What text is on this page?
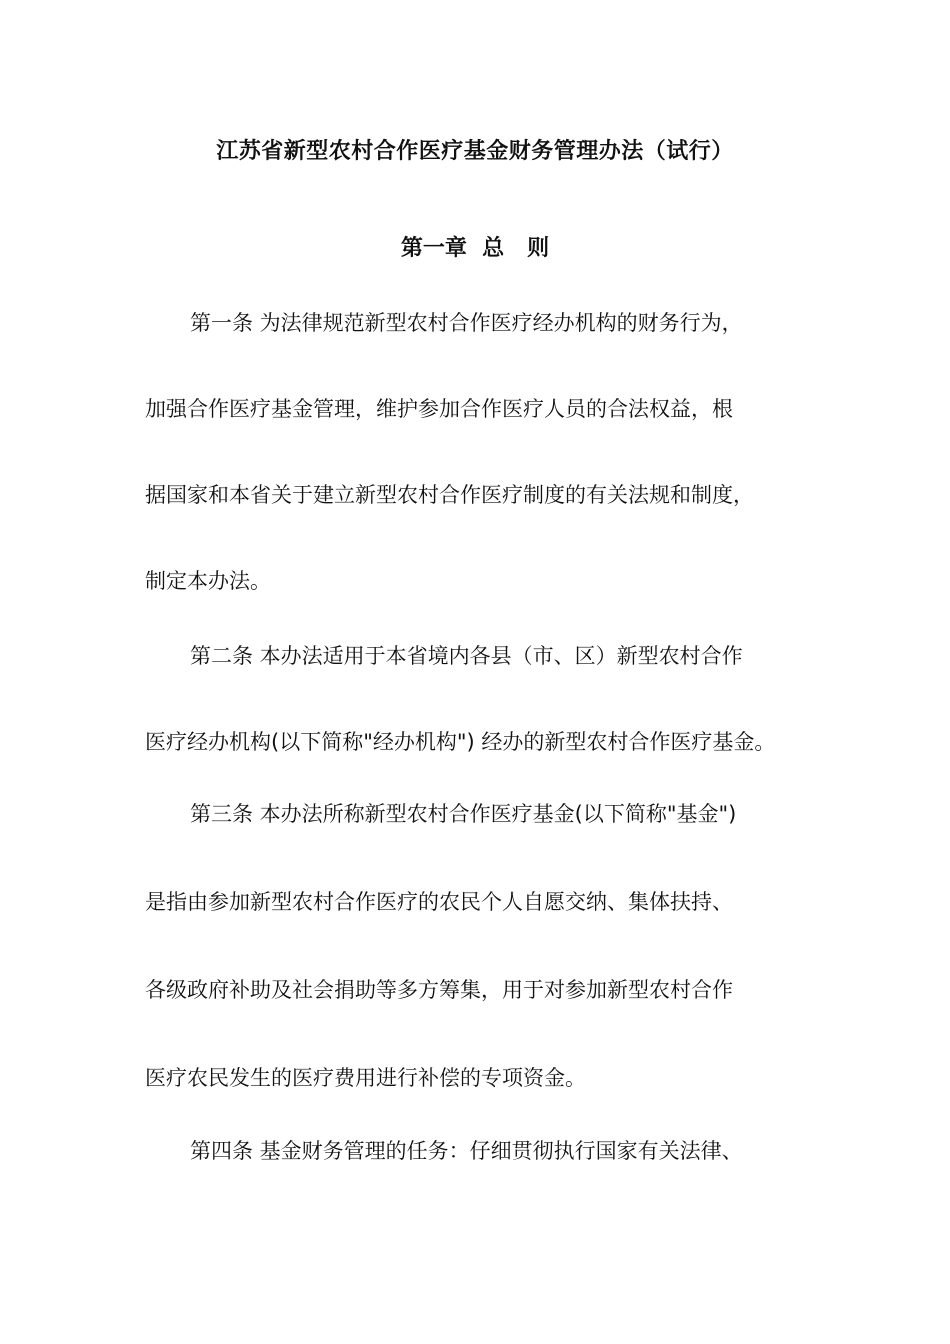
江苏省新型农村合作医疗基金财务管理办法（试行）
第一章  总   则
第一条 为法律规范新型农村合作医疗经办机构的财务行为，
加强合作医疗基金管理，维护参加合作医疗人员的合法权益，根
据国家和本省关于建立新型农村合作医疗制度的有关法规和制度，
制定本办法。
第二条 本办法适用于本省境内各县（市、区）新型农村合作
医疗经办机构(以下简称"经办机构") 经办的新型农村合作医疗基金。
第三条 本办法所称新型农村合作医疗基金(以下简称"基金")
是指由参加新型农村合作医疗的农民个人自愿交纳、集体扶持、
各级政府补助及社会捐助等多方筹集，用于对参加新型农村合作
医疗农民发生的医疗费用进行补偿的专项资金。
第四条 基金财务管理的任务：仔细贯彻执行国家有关法律、
